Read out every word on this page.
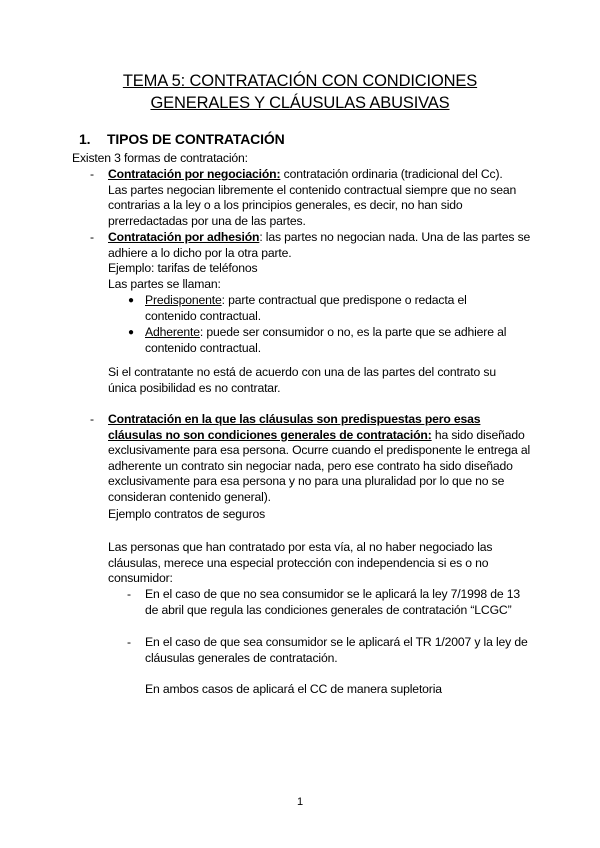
TEMA 5: CONTRATACIÓN CON CONDICIONES
GENERALES Y CLÁUSULAS ABUSIVAS
1. TIPOS DE CONTRATACIÓN
Existen 3 formas de contratación:
- Contratación por negociación: contratación ordinaria (tradicional del Cc).
Las partes negocian libremente el contenido contractual siempre que no sean contrarias a la ley o a los principios generales, es decir, no han sido prerredactadas por una de las partes.
- Contratación por adhesión: las partes no negocian nada. Una de las partes se adhiere a lo dicho por la otra parte.
Ejemplo: tarifas de teléfonos
Las partes se llaman:
● Predisponente: parte contractual que predispone o redacta el contenido contractual.
● Adherente: puede ser consumidor o no, es la parte que se adhiere al contenido contractual.
Si el contratante no está de acuerdo con una de las partes del contrato su única posibilidad es no contratar.
- Contratación en la que las cláusulas son predispuestas pero esas cláusulas no son condiciones generales de contratación: ha sido diseñado exclusivamente para esa persona. Ocurre cuando el predisponente le entrega al adherente un contrato sin negociar nada, pero ese contrato ha sido diseñado exclusivamente para esa persona y no para una pluralidad por lo que no se consideran contenido general).
Ejemplo contratos de seguros
Las personas que han contratado por esta vía, al no haber negociado las cláusulas, merece una especial protección con independencia si es o no consumidor:
- En el caso de que no sea consumidor se le aplicará la ley 7/1998 de 13 de abril que regula las condiciones generales de contratación “LCGC”
- En el caso de que sea consumidor se le aplicará el TR 1/2007 y la ley de cláusulas generales de contratación.
En ambos casos de aplicará el CC de manera supletoria
1
